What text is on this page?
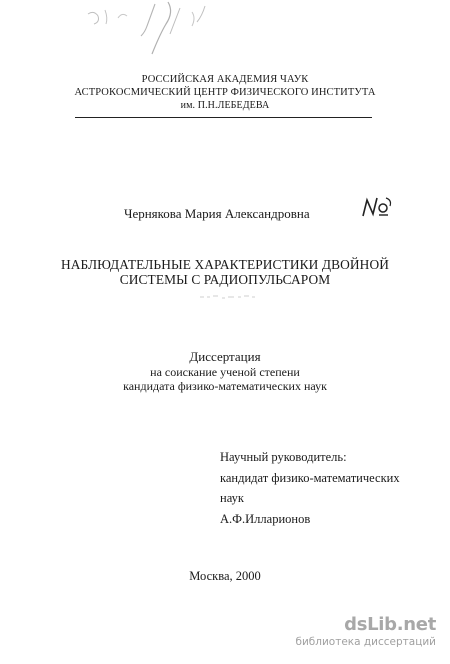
РОССИЙСКАЯ АКАДЕМИЯ ЧАУК
АСТРОКОСМИЧЕСКИЙ ЦЕНТР ФИЗИЧЕСКОГО ИНСТИТУТА
им. П.Н.ЛЕБЕДЕВА
Чернякова Мария Александровна
НАБЛЮДАТЕЛЬНЫЕ ХАРАКТЕРИСТИКИ ДВОЙНОЙ
СИСТЕМЫ С РАДИОПУЛЬСАРОМ
Диссертация
на соискание ученой степени
кандидата физико-математических наук
Научный руководитель:
кандидат физико-математических
наук
А.Ф.Илларионов
Москва, 2000
dsLib.net
библиотека диссертаций
